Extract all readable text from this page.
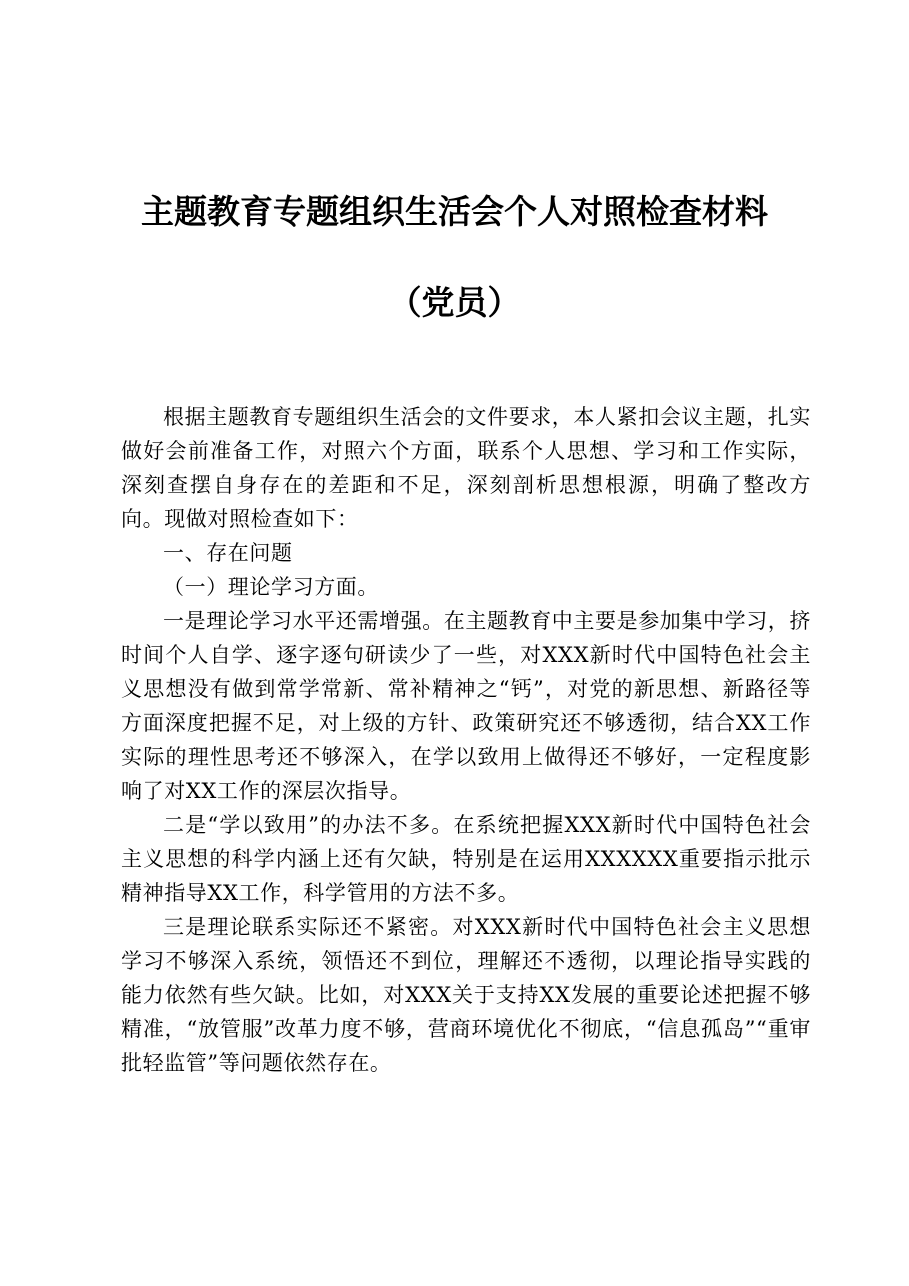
主题教育专题组织生活会个人对照检查材料
（党员）

根据主题教育专题组织生活会的文件要求，本人紧扣会议主题，扎实做好会前准备工作，对照六个方面，联系个人思想、学习和工作实际，深刻查摆自身存在的差距和不足，深刻剖析思想根源，明确了整改方向。现做对照检查如下：

一、存在问题

（一）理论学习方面。

一是理论学习水平还需增强。在主题教育中主要是参加集中学习，挤时间个人自学、逐字逐句研读少了一些，对XXX新时代中国特色社会主义思想没有做到常学常新、常补精神之“钙”，对党的新思想、新路径等方面深度把握不足，对上级的方针、政策研究还不够透彻，结合XX工作实际的理性思考还不够深入，在学以致用上做得还不够好，一定程度影响了对XX工作的深层次指导。

二是“学以致用”的办法不多。在系统把握XXX新时代中国特色社会主义思想的科学内涵上还有欠缺，特别是在运用XXXXXX重要指示批示精神指导XX工作，科学管用的方法不多。

三是理论联系实际还不紧密。对XXX新时代中国特色社会主义思想学习不够深入系统，领悟还不到位，理解还不透彻，以理论指导实践的能力依然有些欠缺。比如，对XXX关于支持XX发展的重要论述把握不够精准，“放管服”改革力度不够，营商环境优化不彻底，“信息孤岛”“重审批轻监管”等问题依然存在。
